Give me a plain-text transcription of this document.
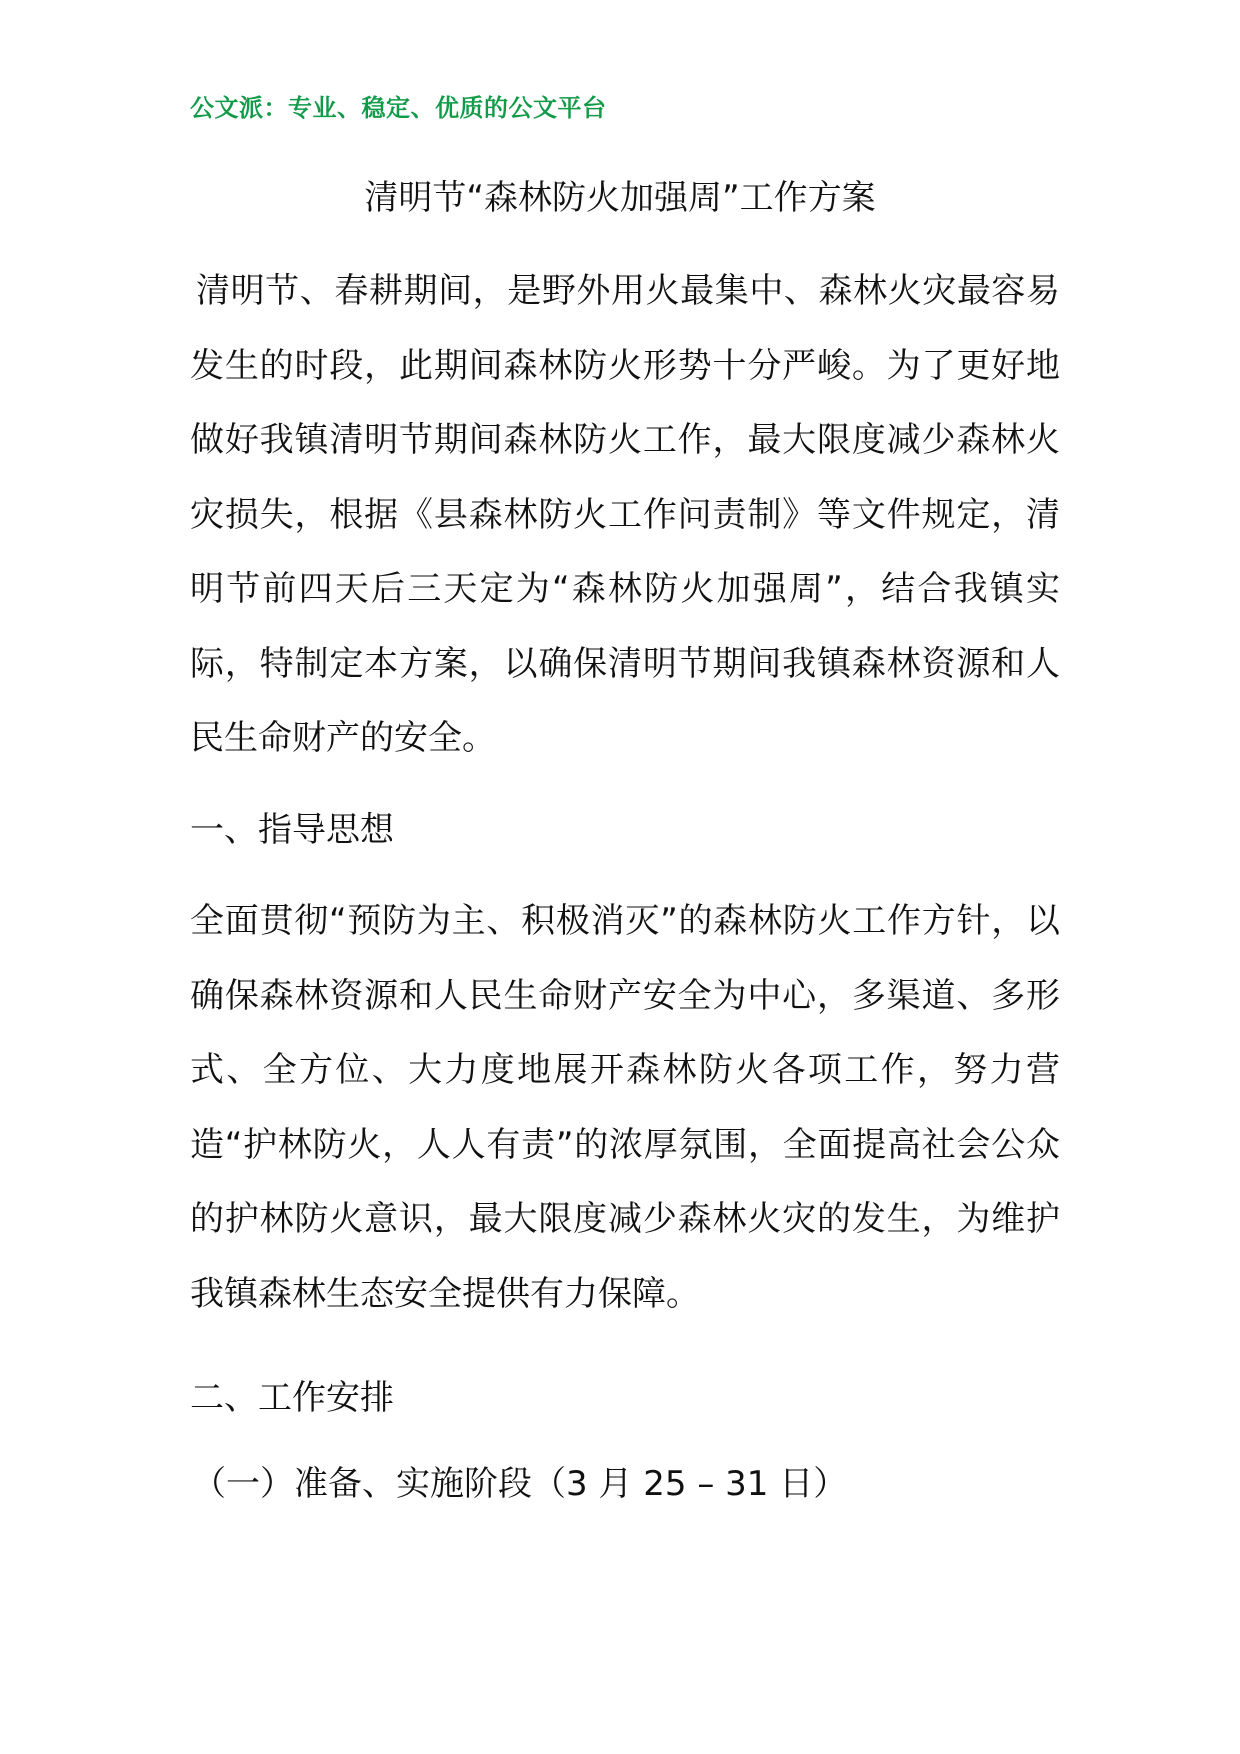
公文派：专业、稳定、优质的公文平台
清明节“森林防火加强周”工作方案

清明节、春耕期间，是野外用火最集中、森林火灾最容易发生的时段，此期间森林防火形势十分严峻。为了更好地做好我镇清明节期间森林防火工作，最大限度减少森林火灾损失，根据《县森林防火工作问责制》等文件规定，清明节前四天后三天定为“森林防火加强周”，结合我镇实际，特制定本方案，以确保清明节期间我镇森林资源和人民生命财产的安全。

一、指导思想

全面贯彻“预防为主、积极消灭”的森林防火工作方针，以确保森林资源和人民生命财产安全为中心，多渠道、多形式、全方位、大力度地展开森林防火各项工作，努力营造“护林防火，人人有责”的浓厚氛围，全面提高社会公众的护林防火意识，最大限度减少森林火灾的发生，为维护我镇森林生态安全提供有力保障。

二、工作安排
（一）准备、实施阶段（3 月 25 – 31 日）
